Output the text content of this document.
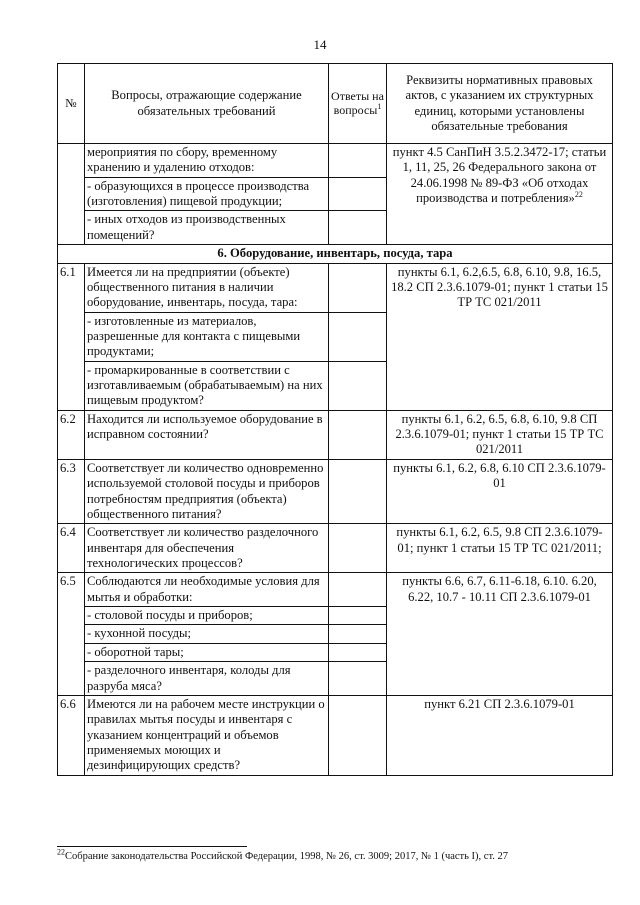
14
№	Вопросы, отражающие содержание обязательных требований	Ответы на вопросы$^1$	Реквизиты нормативных правовых актов, с указанием их структурных единиц, которыми установлены обязательные требования
	мероприятия по сбору, временному хранению и удалению отходов:		пункт 4.5 СанПиН 3.5.2.3472-17; статьи 1, 11, 25, 26 Федерального закона от 24.06.1998 № 89-ФЗ «Об отходах производства и потребления»$^{22}$
	- образующихся в процессе производства (изготовления) пищевой продукции;		
	- иных отходов из производственных помещений?		
6. Оборудование, инвентарь, посуда, тара			
6.1	Имеется ли на предприятии (объекте) общественного питания в наличии оборудование, инвентарь, посуда, тара:		пункты 6.1, 6.2,6.5, 6.8, 6.10, 9.8, 16.5, 18.2 СП 2.3.6.1079-01; пункт 1 статьи 15 ТР ТС 021/2011
	- изготовленные из материалов, разрешенные для контакта с пищевыми продуктами;		
	- промаркированные в соответствии с изготавливаемым (обрабатываемым) на них пищевым продуктом?		
6.2	Находится ли используемое оборудование в исправном состоянии?		пункты 6.1, 6.2, 6.5, 6.8, 6.10, 9.8 СП 2.3.6.1079-01; пункт 1 статьи 15 ТР ТС 021/2011
6.3	Соответствует ли количество одновременно используемой столовой посуды и приборов потребностям предприятия (объекта) общественного питания?		пункты 6.1, 6.2, 6.8, 6.10 СП 2.3.6.1079-01
6.4	Соответствует ли количество разделочного инвентаря для обеспечения технологических процессов?		пункты 6.1, 6.2, 6.5, 9.8 СП 2.3.6.1079-01; пункт 1 статьи 15 ТР ТС 021/2011;
6.5	Соблюдаются ли необходимые условия для мытья и обработки:		пункты 6.6, 6.7, 6.11-6.18, 6.10. 6.20, 6.22, 10.7 - 10.11 СП 2.3.6.1079-01
	- столовой посуды и приборов;		
	- кухонной посуды;		
	- оборотной тары;		
	- разделочного инвентаря, колоды для разруба мяса?		
6.6	Имеются ли на рабочем месте инструкции о правилах мытья посуды и инвентаря с указанием концентраций и объемов применяемых моющих и дезинфицирующих средств?		пункт 6.21 СП 2.3.6.1079-01
$^{22}$Собрание законодательства Российской Федерации, 1998, № 26, ст. 3009; 2017, № 1 (часть I), ст. 27
